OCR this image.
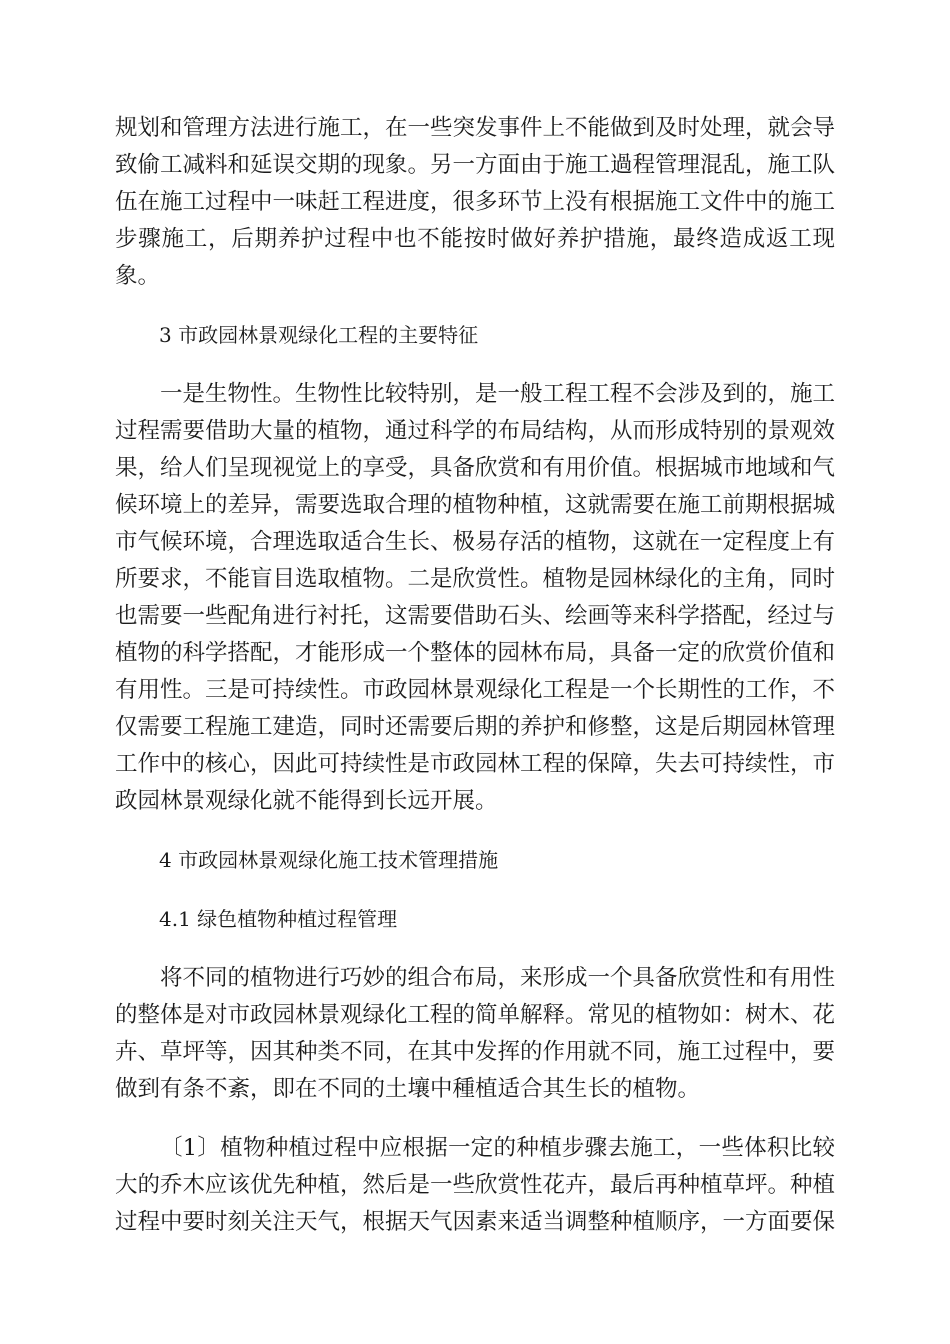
规划和管理方法进行施工，在一些突发事件上不能做到及时处理，就会导致偷工减料和延误交期的现象。另一方面由于施工過程管理混乱，施工队伍在施工过程中一味赶工程进度，很多环节上没有根据施工文件中的施工步骤施工，后期养护过程中也不能按时做好养护措施，最终造成返工现象。

3 市政园林景观绿化工程的主要特征

一是生物性。生物性比较特别，是一般工程工程不会涉及到的，施工过程需要借助大量的植物，通过科学的布局结构，从而形成特别的景观效果，给人们呈现视觉上的享受，具备欣赏和有用价值。根据城市地域和气候环境上的差异，需要选取合理的植物种植，这就需要在施工前期根据城市气候环境，合理选取适合生长、极易存活的植物，这就在一定程度上有所要求，不能盲目选取植物。二是欣赏性。植物是园林绿化的主角，同时也需要一些配角进行衬托，这需要借助石头、绘画等来科学搭配，经过与植物的科学搭配，才能形成一个整体的园林布局，具备一定的欣赏价值和有用性。三是可持续性。市政园林景观绿化工程是一个长期性的工作，不仅需要工程施工建造，同时还需要后期的养护和修整，这是后期园林管理工作中的核心，因此可持续性是市政园林工程的保障，失去可持续性，市政园林景观绿化就不能得到长远开展。

4 市政园林景观绿化施工技术管理措施

4.1 绿色植物种植过程管理

将不同的植物进行巧妙的组合布局，来形成一个具备欣赏性和有用性的整体是对市政园林景观绿化工程的简单解释。常见的植物如：树木、花卉、草坪等，因其种类不同，在其中发挥的作用就不同，施工过程中，要做到有条不紊，即在不同的土壤中種植适合其生长的植物。

〔1〕植物种植过程中应根据一定的种植步骤去施工，一些体积比较大的乔木应该优先种植，然后是一些欣赏性花卉，最后再种植草坪。种植过程中要时刻关注天气，根据天气因素来适当调整种植顺序，一方面要保
